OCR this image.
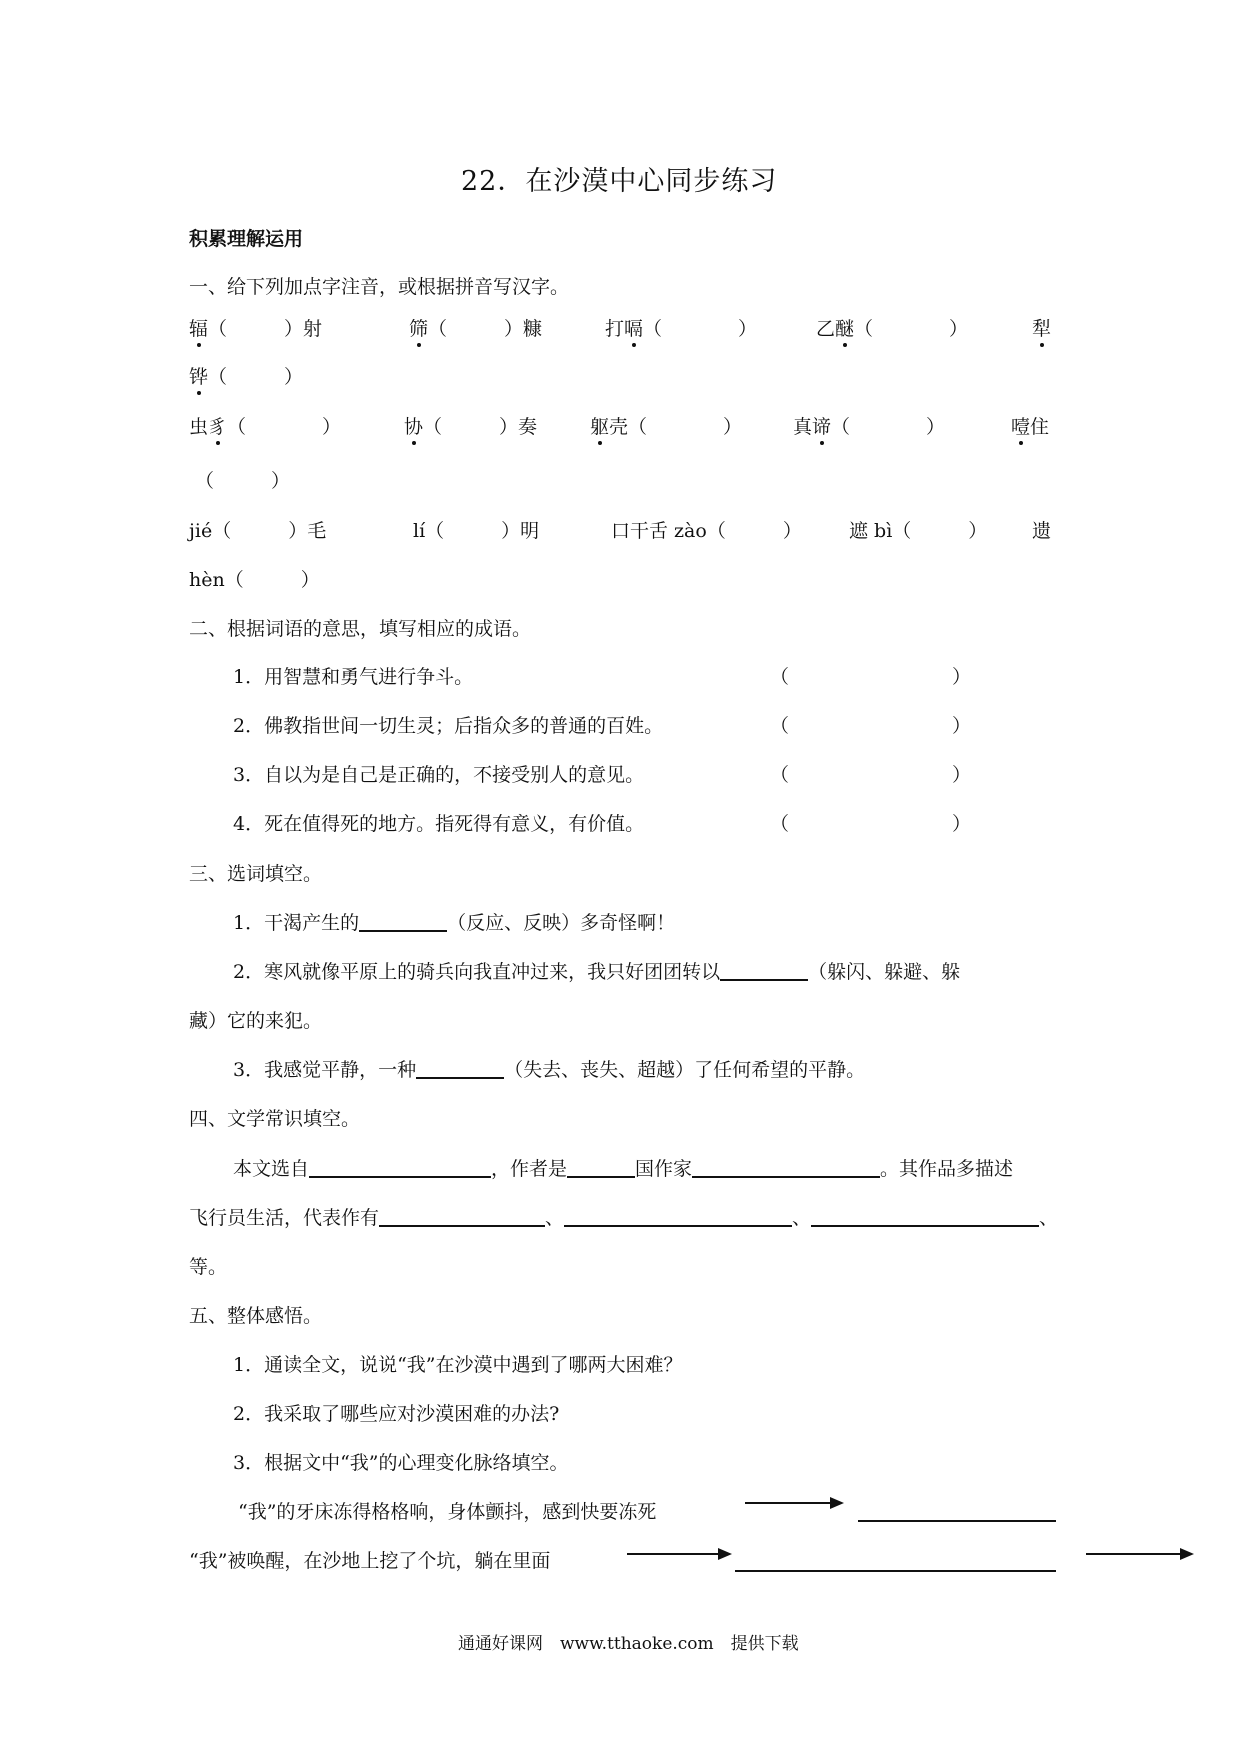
22．在沙漠中心同步练习
积累理解运用
一、给下列加点字注音，或根据拼音写汉字。
辐（　　　）射	筛（　　　）糠	打嗝（　　　　）	乙醚（　　　　）	犁
铧（　　　）
虫豸（　　　　）	协（　　　）奏	躯壳（　　　　）	真谛（　　　　）	噎住
（　　　）
jié（　　　）毛	lí（　　　）明	口干舌 zào（　　　） 遮 bì（　　　） 遗
hèn（　　　）
二、根据词语的意思，填写相应的成语。
1．用智慧和勇气进行争斗。
2．佛教指世间一切生灵；后指众多的普通的百姓。
3．自以为是自己是正确的，不接受别人的意见。
4．死在值得死的地方。指死得有意义，有价值。
（	）
（	）
（	）
（	）
三、选词填空。
1．干渴产生的	（反应、反映）多奇怪啊！
2．寒风就像平原上的骑兵向我直冲过来，我只好团团转以	（躲闪、躲避、躲
藏）它的来犯。
3．我感觉平静，一种	（失去、丧失、超越）了任何希望的平静。
四、文学常识填空。
本文选自	，作者是	国作家	。其作品多描述
飞行员生活，代表作有	、	、	、
等。
五、整体感悟。
1．通读全文，说说“我”在沙漠中遇到了哪两大困难？
2．我采取了哪些应对沙漠困难的办法?
3．根据文中“我”的心理变化脉络填空。
“我”的牙床冻得格格响，身体颤抖，感到快要冻死
“我”被唤醒，在沙地上挖了个坑，躺在里面
通通好课网　www.tthaoke.com　提供下载
